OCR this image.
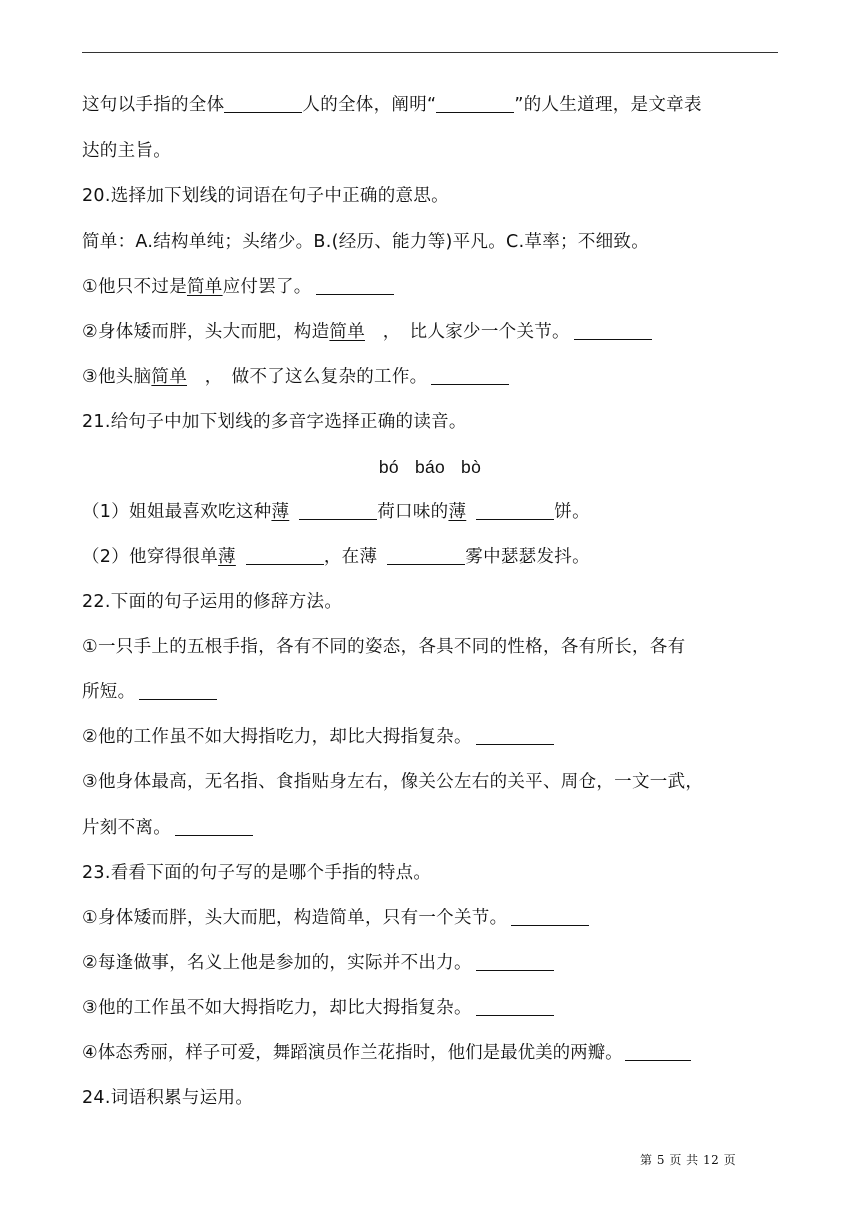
这句以手指的全体	人的全体，阐明“	”的人生道理，是文章表
达的主旨。
20.选择加下划线的词语在句子中正确的意思。
简单：A.结构单纯；头绪少。B.(经历、能力等)平凡。C.草率；不细致。
①他只不过是简单应付罢了。
②身体矮而胖，头大而肥，构造简单　，　比人家少一个关节。
③他头脑简单　，　做不了这么复杂的工作。
21.给句子中加下划线的多音字选择正确的读音。
bó báo bò
（1）姐姐最喜欢吃这种薄	荷口味的薄	饼。
（2）他穿得很单薄	，在薄	雾中瑟瑟发抖。
22.下面的句子运用的修辞方法。
①一只手上的五根手指，各有不同的姿态，各具不同的性格，各有所长，各有
所短。
②他的工作虽不如大拇指吃力，却比大拇指复杂。
③他身体最高，无名指、食指贴身左右，像关公左右的关平、周仓，一文一武，
片刻不离。
23.看看下面的句子写的是哪个手指的特点。
①身体矮而胖，头大而肥，构造简单，只有一个关节。
②每逢做事，名义上他是参加的，实际并不出力。
③他的工作虽不如大拇指吃力，却比大拇指复杂。
④体态秀丽，样子可爱，舞蹈演员作兰花指时，他们是最优美的两瓣。
24.词语积累与运用。
第 5 页 共 12 页
